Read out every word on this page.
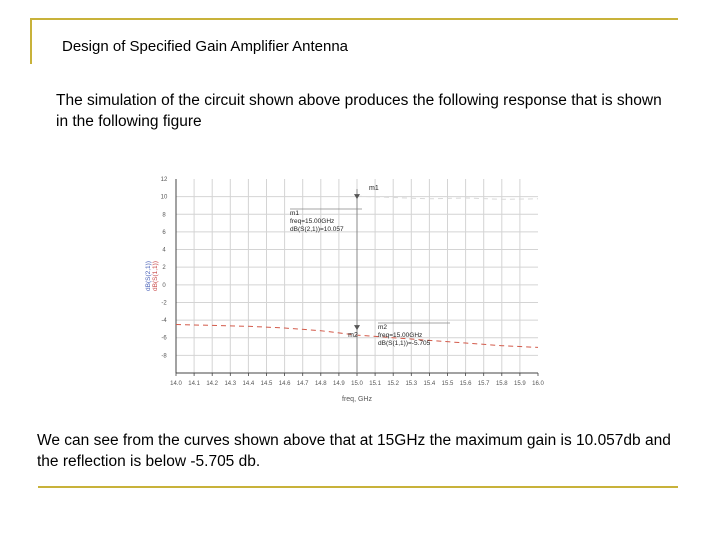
Design of Specified Gain Amplifier Antenna
The simulation of the circuit shown above produces the following response that is shown in the following figure
12
10
8
6
4
2
0
-2
-4
-6
-8
14.0 14.1 14.2 14.3 14.4 14.5 14.6 14.7 14.8 14.9 15.0 15.1 15.2 15.3 15.4 15.5 15.6 15.7 15.8 15.9 16.0
freq, GHz
dB(S(2,1)) dB(S(1,1))
m1
m1
freq=15.00GHz
dB(S(2,1))=10.057
m2
m2
freq=15.00GHz
dB(S(1,1))=-5.705
We can see from the curves shown above that at 15GHz the maximum gain is 10.057db and the reflection is below -5.705 db.
